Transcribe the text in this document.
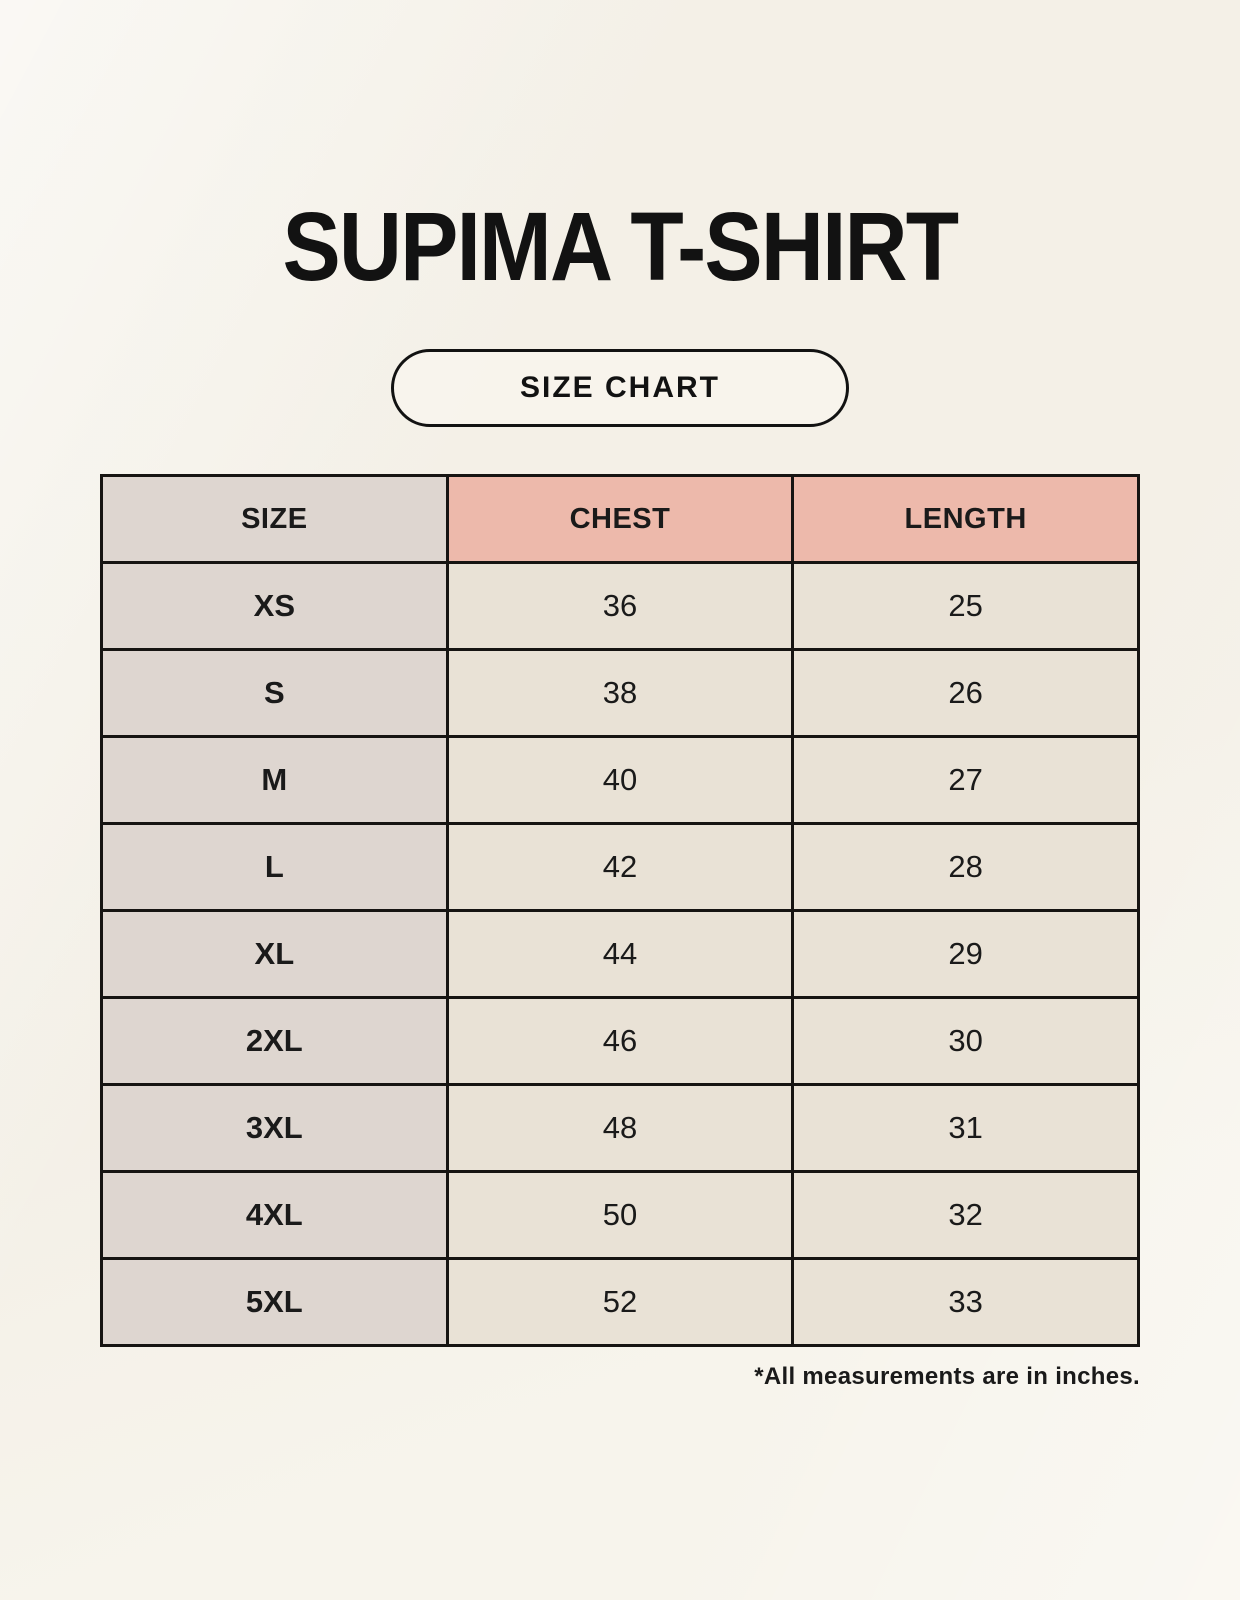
SUPIMA T-SHIRT
SIZE CHART
SIZE	CHEST	LENGTH
XS	36	25
S	38	26
M	40	27
L	42	28
XL	44	29
2XL	46	30
3XL	48	31
4XL	50	32
5XL	52	33
*All measurements are in inches.
